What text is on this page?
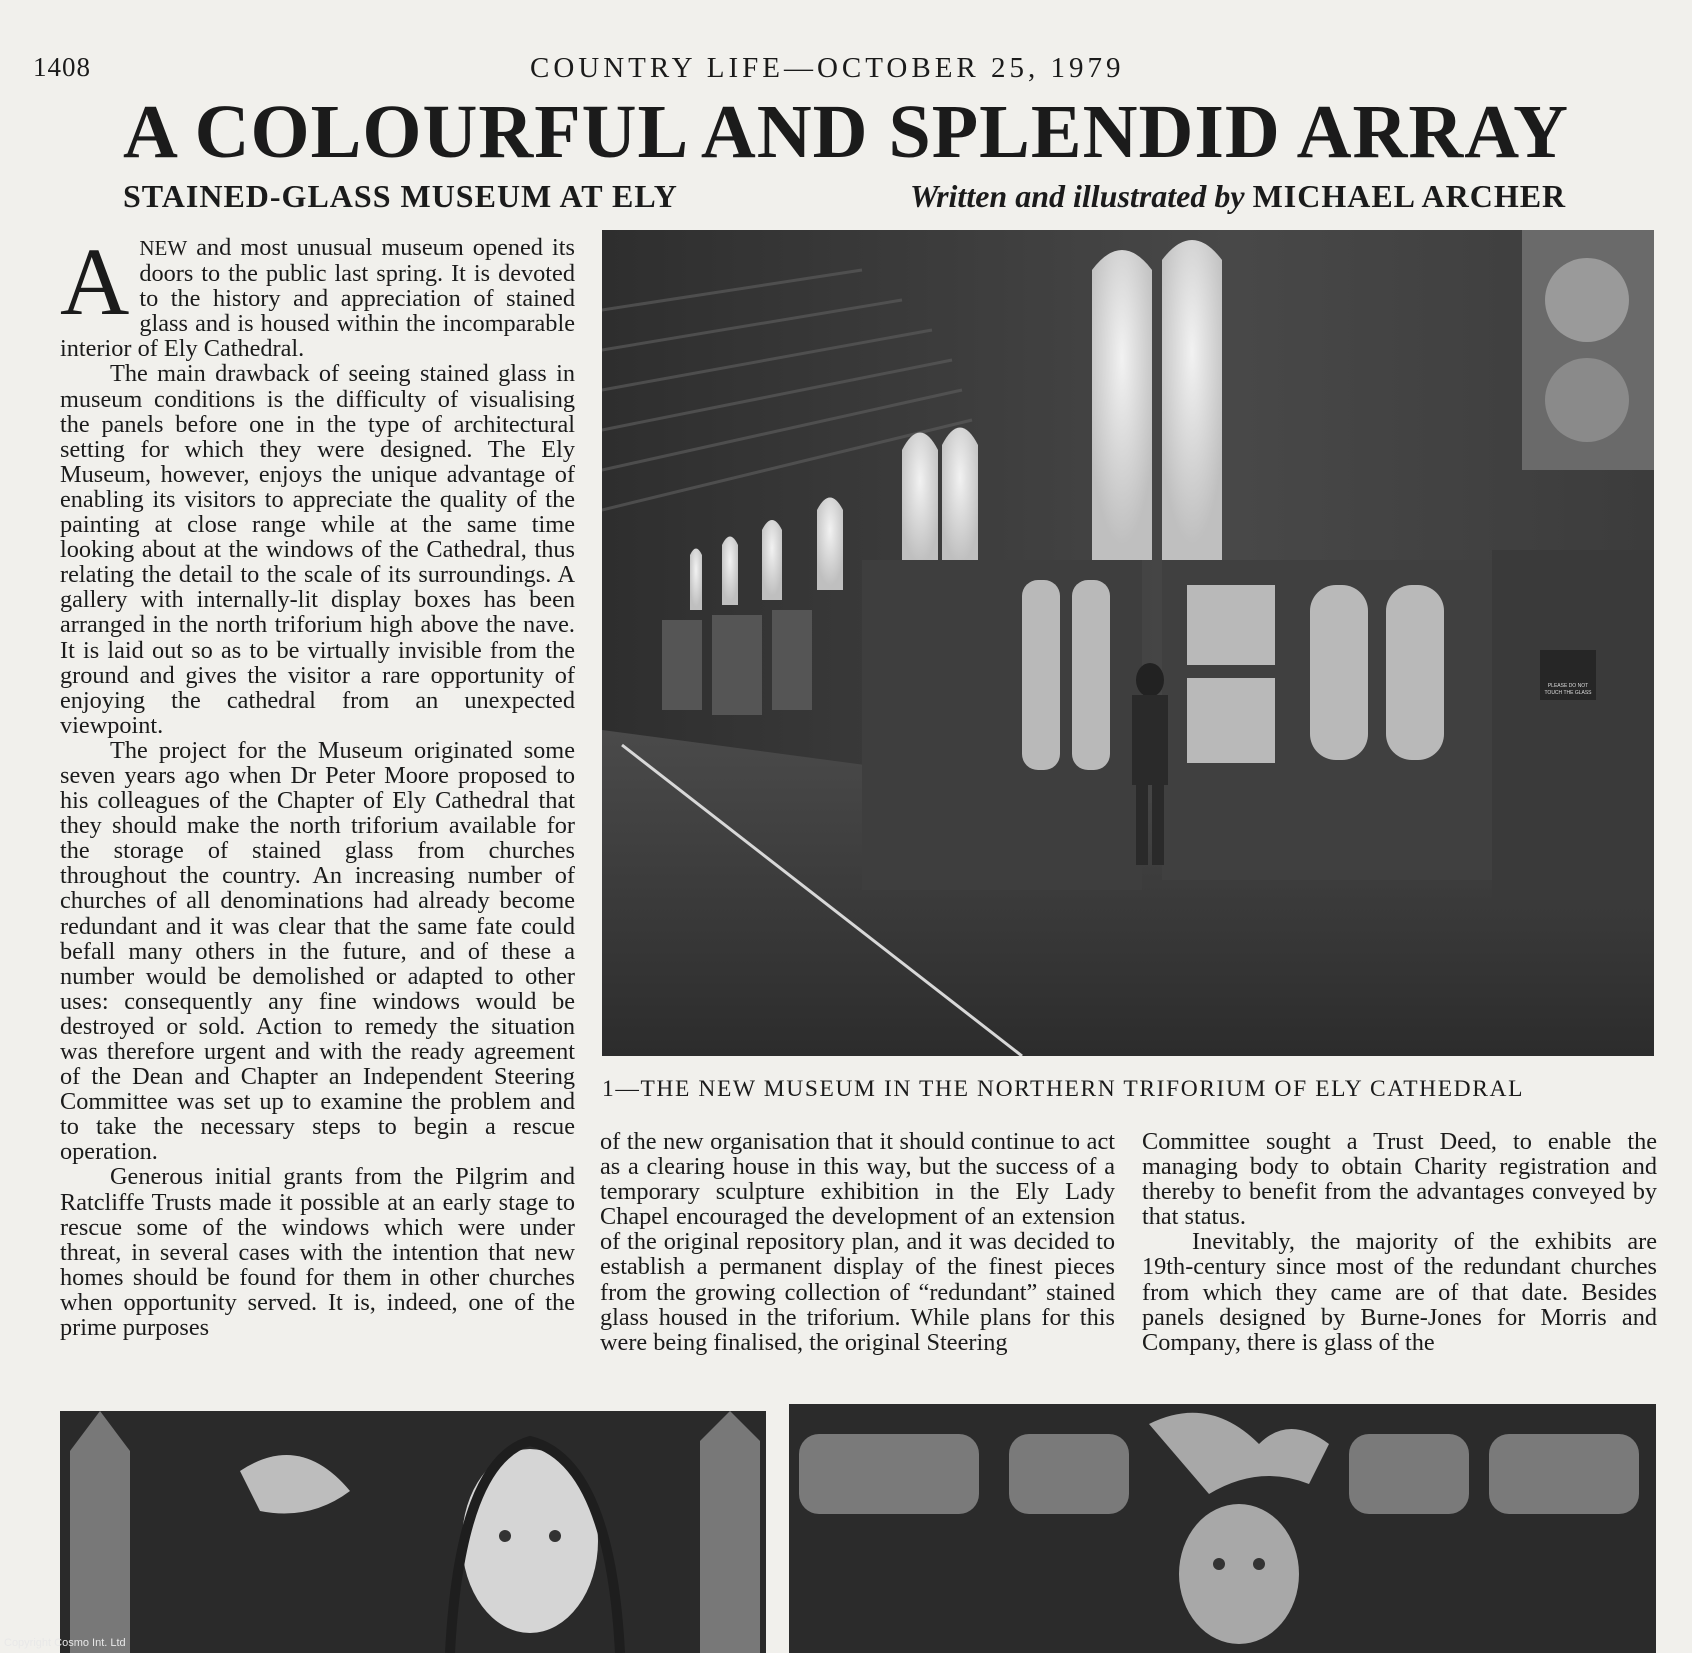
1408	COUNTRY LIFE—OCTOBER 25, 1979
A COLOURFUL AND SPLENDID ARRAY
STAINED-GLASS MUSEUM AT ELY	Written and illustrated by MICHAEL ARCHER

ANEW and most unusual museum opened its doors to the public last spring. It is devoted to the history and appreciation of stained glass and is housed within the incomparable interior of Ely Cathedral.

The main drawback of seeing stained glass in museum conditions is the difficulty of visualising the panels before one in the type of architectural setting for which they were designed. The Ely Museum, however, enjoys the unique advantage of enabling its visitors to appreciate the quality of the painting at close range while at the same time looking about at the windows of the Cathedral, thus relating the detail to the scale of its surroundings. A gallery with internally-lit display boxes has been arranged in the north triforium high above the nave. It is laid out so as to be virtually invisible from the ground and gives the visitor a rare opportunity of enjoying the cathedral from an unexpected viewpoint.

The project for the Museum originated some seven years ago when Dr Peter Moore proposed to his colleagues of the Chapter of Ely Cathedral that they should make the north triforium available for the storage of stained glass from churches throughout the country. An increasing number of churches of all denominations had already become redundant and it was clear that the same fate could befall many others in the future, and of these a number would be demolished or adapted to other uses: consequently any fine windows would be destroyed or sold. Action to remedy the situation was therefore urgent and with the ready agreement of the Dean and Chapter an Independent Steering Committee was set up to examine the problem and to take the necessary steps to begin a rescue operation.

Generous initial grants from the Pilgrim and Ratcliffe Trusts made it possible at an early stage to rescue some of the windows which were under threat, in several cases with the intention that new homes should be found for them in other churches when opportunity served. It is, indeed, one of the prime purposes

PLEASE DO NOT
TOUCH THE GLASS
1—THE NEW MUSEUM IN THE NORTHERN TRIFORIUM OF ELY CATHEDRAL

of the new organisation that it should continue to act as a clearing house in this way, but the success of a temporary sculpture exhibition in the Ely Lady Chapel encouraged the development of an extension of the original repository plan, and it was decided to establish a permanent display of the finest pieces from the growing collection of “redundant” stained glass housed in the triforium. While plans for this were being finalised, the original Steering

Committee sought a Trust Deed, to enable the managing body to obtain Charity registration and thereby to benefit from the advantages conveyed by that status.

Inevitably, the majority of the exhibits are 19th-century since most of the redundant churches from which they came are of that date. Besides panels designed by Burne-Jones for Morris and Company, there is glass of the

Copyright Cosmo Int. Ltd
